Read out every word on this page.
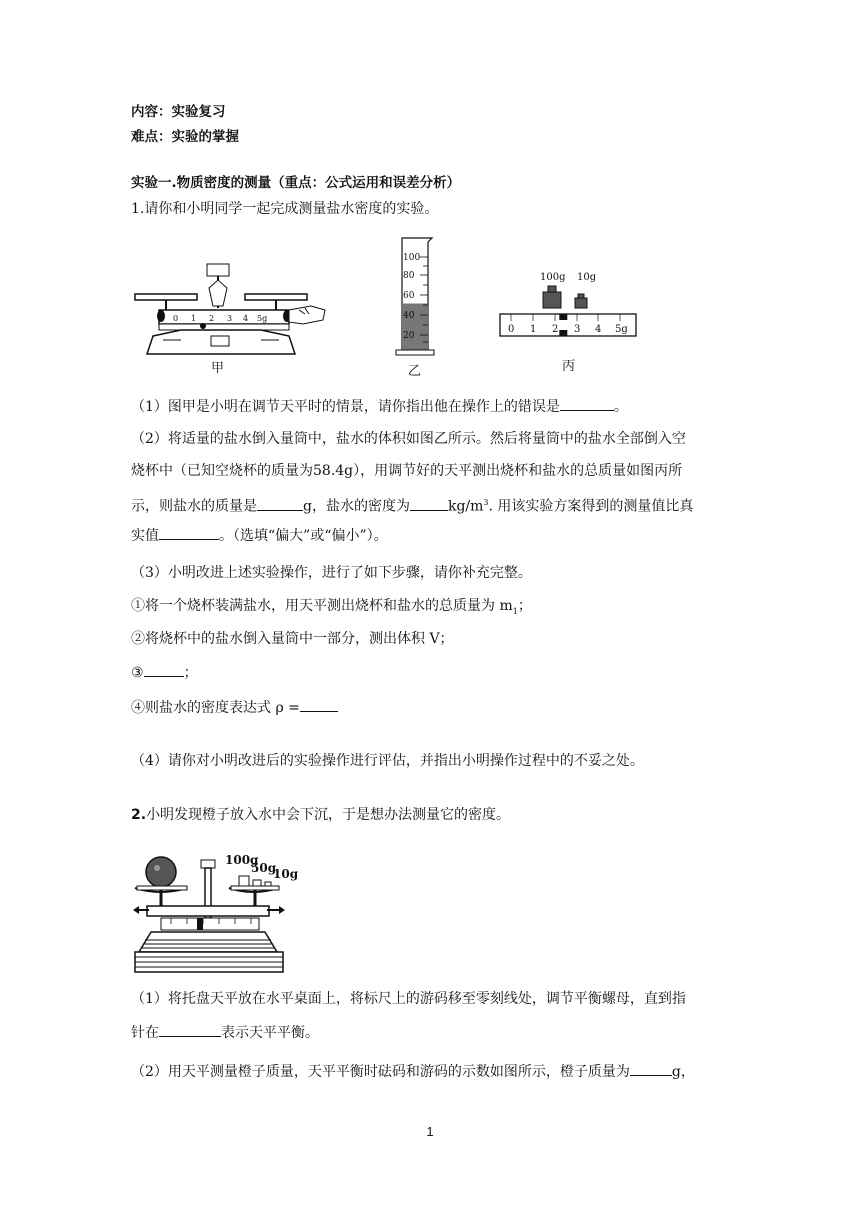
内容：实验复习
难点：实验的掌握
实验一.物质密度的测量（重点：公式运用和误差分析）
1.请你和小明同学一起完成测量盐水密度的实验。
0 1 2 3 4 5g
甲
100
80
60
40
20
乙
100g 10g
0 1 2 3 4 5g
丙
（1）图甲是小明在调节天平时的情景，请你指出他在操作上的错误是	。
（2）将适量的盐水倒入量筒中，盐水的体积如图乙所示。然后将量筒中的盐水全部倒入空
烧杯中（已知空烧杯的质量为58.4g），用调节好的天平测出烧杯和盐水的总质量如图丙所
示，则盐水的质量是	g，盐水的密度为	$kg/m^3$. 用该实验方案得到的测量值比真
实值	。（选填“偏大”或“偏小”）。
（3）小明改进上述实验操作，进行了如下步骤，请你补充完整。
①将一个烧杯装满盐水，用天平测出烧杯和盐水的总质量为 $m_1$；
②将烧杯中的盐水倒入量筒中一部分，测出体积 V；
③	；
④则盐水的密度表达式 ρ =
（4）请你对小明改进后的实验操作进行评估，并指出小明操作过程中的不妥之处。
2.小明发现橙子放入水中会下沉，于是想办法测量它的密度。
100g
50g
10g
（1）将托盘天平放在水平桌面上，将标尺上的游码移至零刻线处，调节平衡螺母，直到指
针在	表示天平平衡。
（2）用天平测量橙子质量，天平平衡时砝码和游码的示数如图所示，橙子质量为	g，
1
